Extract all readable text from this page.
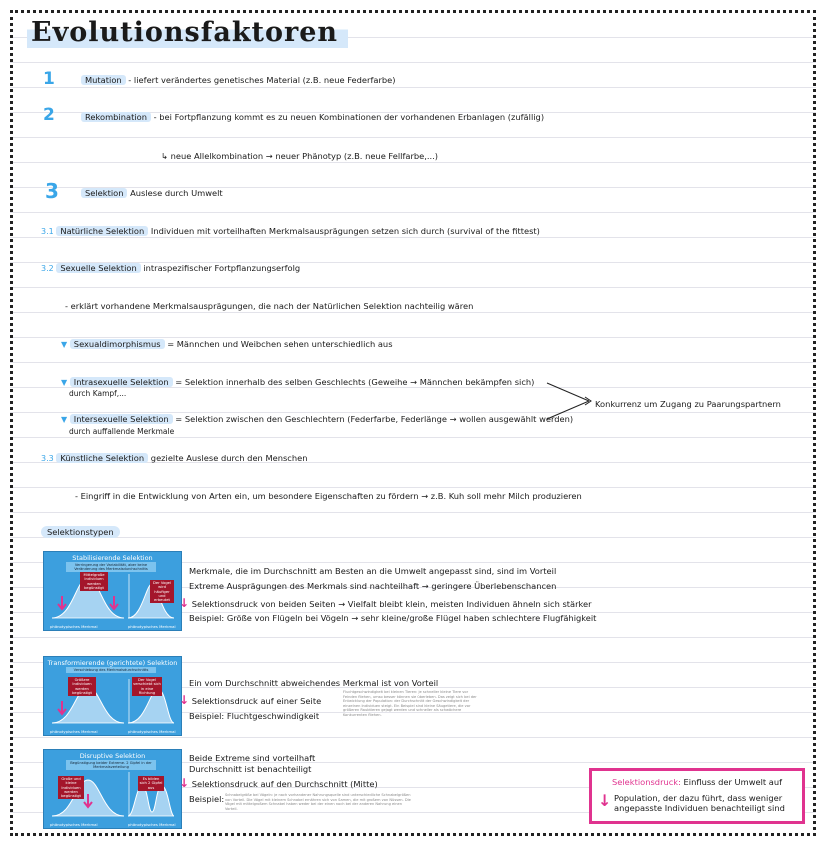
Evolutionsfaktoren
1	Mutation - liefert verändertes genetisches Material (z.B. neue Federfarbe)
2	Rekombination - bei Fortpflanzung kommt es zu neuen Kombinationen der vorhandenen Erbanlagen (zufällig)
↳ neue Allelkombination → neuer Phänotyp (z.B. neue Fellfarbe,...)
3	Selektion Auslese durch Umwelt
3.1 Natürliche Selektion Individuen mit vorteilhaften Merkmalsausprägungen setzen sich durch (survival of the fittest)
3.2 Sexuelle Selektion intraspezifischer Fortpflanzungserfolg
- erklärt vorhandene Merkmalsausprägungen, die nach der Natürlichen Selektion nachteilig wären
▼ Sexualdimorphismus = Männchen und Weibchen sehen unterschiedlich aus
▼ Intrasexuelle Selektion = Selektion innerhalb des selben Geschlechts (Geweihe → Männchen bekämpfen sich)
durch Kampf,...
▼ Intersexuelle Selektion = Selektion zwischen den Geschlechtern (Federfarbe, Federlänge → wollen ausgewählt werden)
durch auffallende Merkmale
Konkurrenz um Zugang zu Paarungspartnern
3.3 Künstliche Selektion gezielte Auslese durch den Menschen
- Eingriff in die Entwicklung von Arten ein, um besondere Eigenschaften zu fördern → z.B. Kuh soll mehr Milch produzieren
Selektionstypen
Stabilisierende Selektion
Verringerung der Variabilität, aber keine Veränderung des Merkmalsdurchschnitts
Mittelgroße Individuen werden begünstigt
Der Vogel wird häufiger und erbeutet
phänotypisches Merkmal	phänotypisches Merkmal
Merkmale, die im Durchschnitt am Besten an die Umwelt angepasst sind, sind im Vorteil
Extreme Ausprägungen des Merkmals sind nachteilhaft → geringere Überlebenschancen
↓ Selektionsdruck von beiden Seiten → Vielfalt bleibt klein, meisten Individuen ähneln sich stärker
Beispiel: Größe von Flügeln bei Vögeln → sehr kleine/große Flügel haben schlechtere Flugfähigkeit
Transformierende (gerichtete) Selektion
Verschiebung des Merkmalsdurchschnitts
Größere Individuen werden begünstigt
Der Vogel verschiebt sich in eine Richtung
phänotypisches Merkmal	phänotypisches Merkmal
Ein vom Durchschnitt abweichendes Merkmal ist von Vorteil
↓ Selektionsdruck auf einer Seite
Beispiel: Fluchtgeschwindigkeit
Fluchtgeschwindigkeit bei kleinen Tieren: je schneller kleine Tiere vor Feinden fliehen, umso besser können sie überleben. Das zeigt sich bei der Entwicklung der Population: der Durchschnitt der Geschwindigkeit der einzelnen Individuen steigt. Ein Beispiel sind kleine Säugetiere, die vor größeren Raubtieren gejagt werden und schneller als schwächere Konkurrenten fliehen.
Disruptive Selektion
Begünstigung beider Extreme. 2 Gipfel in der Merkmalsverteilung
Große und kleine Individuen werden begünstigt
Es bilden sich 2 Gipfel aus
phänotypisches Merkmal	phänotypisches Merkmal
Beide Extreme sind vorteilhaft
Durchschnitt ist benachteiligt
↓ Selektionsdruck auf den Durchschnitt (Mitte)
Beispiel: Schnabelgröße bei Vögeln: je nach vorhandener Nahrungsquelle sind unterschiedliche Schnabelgrößen von Vorteil. Die Vögel mit kleinem Schnabel ernähren sich von Samen, die mit großem von Nüssen. Die Vögel mit mittelgroßem Schnabel haben weder bei der einen noch bei der anderen Nahrung einen Vorteil.
Selektionsdruck: Einfluss der Umwelt auf
↓ Population, der dazu führt, dass weniger
angepasste Individuen benachteiligt sind
